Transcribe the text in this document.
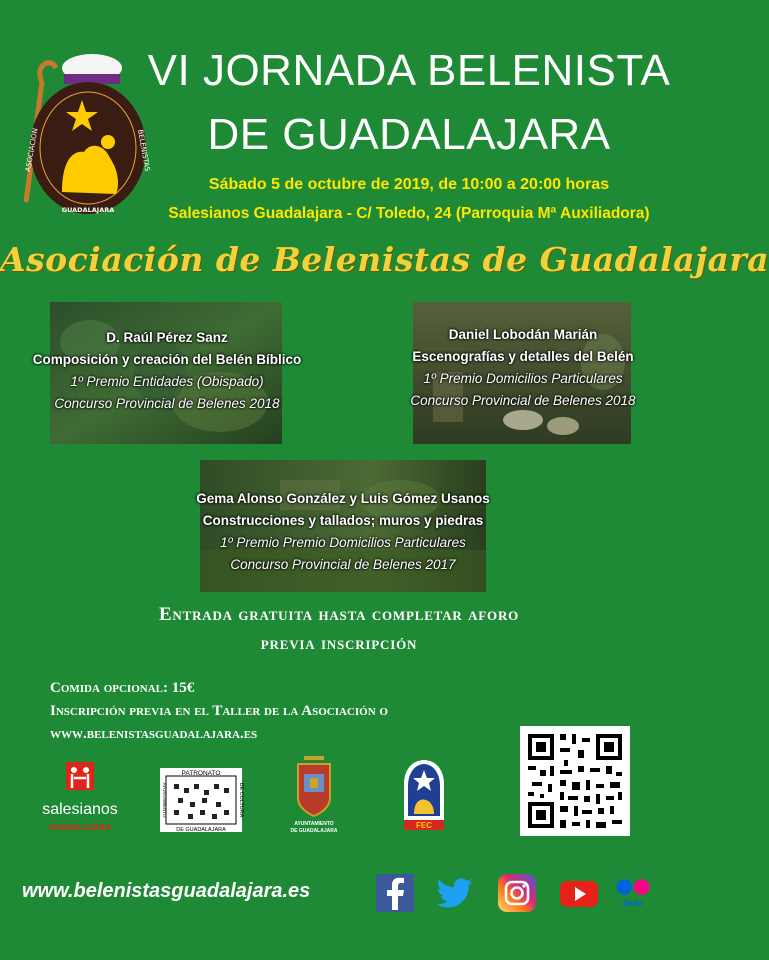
ASOCIACION	BELENISTAS
GUADALAJARA
VI JORNADA BELENISTA
DE GUADALAJARA
Sábado 5 de octubre de 2019, de 10:00 a 20:00 horas
Salesianos Guadalajara - C/ Toledo, 24 (Parroquia Mª Auxiliadora)
Asociación de Belenistas de Guadalajara
D. Raúl Pérez Sanz
Composición y creación del Belén Bíblico
1º Premio Entidades (Obispado)
Concurso Provincial de Belenes 2018
Daniel Lobodán Marián
Escenografías y detalles del Belén
1º Premio Domicilios Particulares
Concurso Provincial de Belenes 2018
Gema Alonso González y Luis Gómez Usanos
Construcciones y tallados; muros y piedras
1º Premio Premio Domicilios Particulares
Concurso Provincial de Belenes 2017
Entrada gratuita hasta completar aforo
previa inscripción
Comida opcional: 15€
Inscripción previa en el Taller de la Asociación o
www.belenistasguadalajara.es
salesianos
GUADALAJARA
PATRONATO
DE GUADALAJARA
DE CULTURA
AYUNTAMIENTO
AYUNTAMIENTO
DE GUADALAJARA
FEC
www.belenistasguadalajara.es
flickr
